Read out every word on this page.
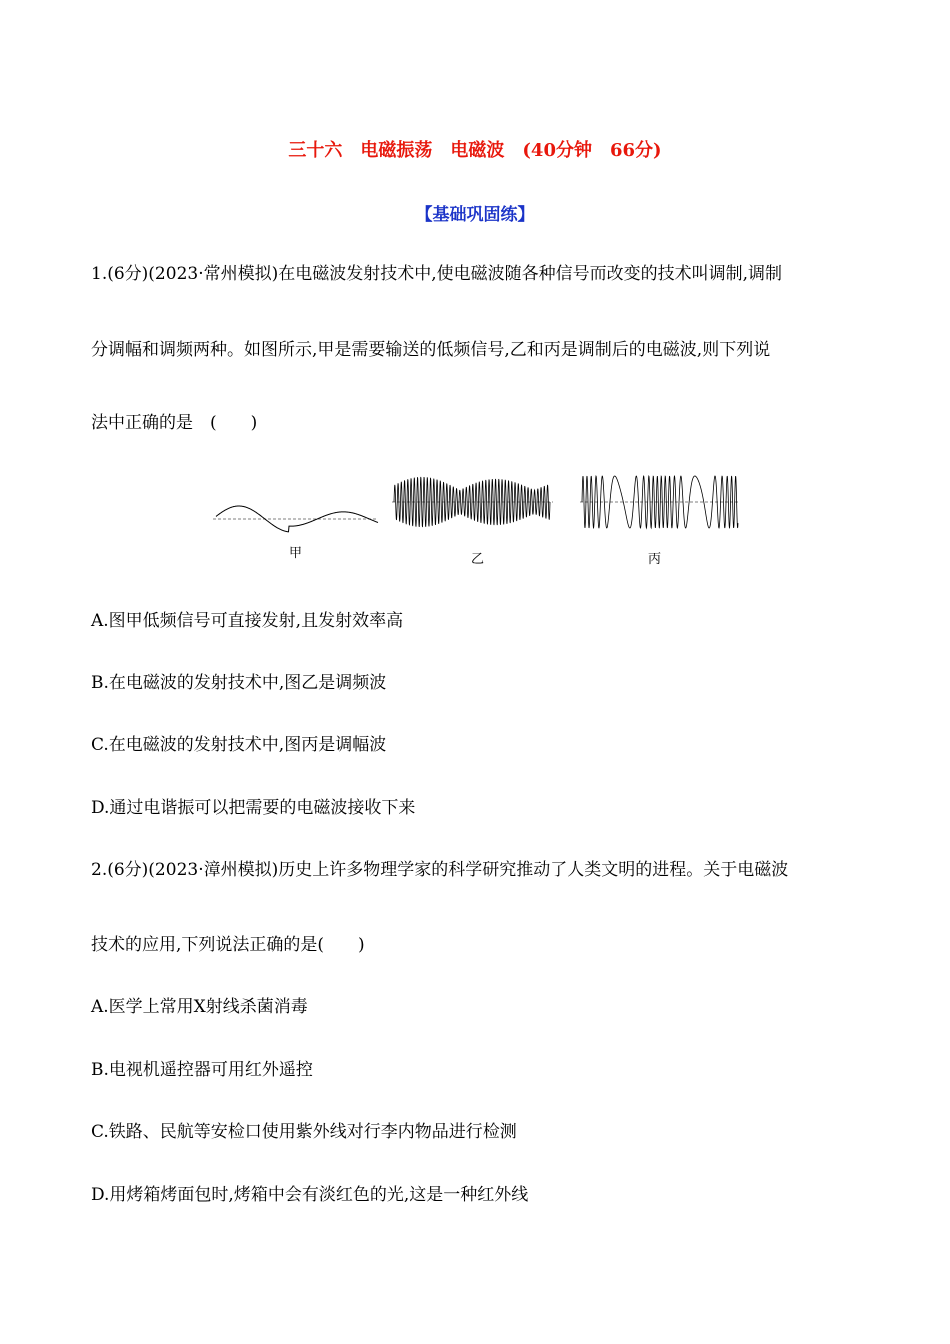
三十六　电磁振荡　电磁波　(40分钟　66分)
【基础巩固练】
1.(6分)(2023·常州模拟)在电磁波发射技术中,使电磁波随各种信号而改变的技术叫调制,调制
分调幅和调频两种。如图所示,甲是需要输送的低频信号,乙和丙是调制后的电磁波,则下列说
法中正确的是　(　　)
甲	乙	丙
A.图甲低频信号可直接发射,且发射效率高
B.在电磁波的发射技术中,图乙是调频波
C.在电磁波的发射技术中,图丙是调幅波
D.通过电谐振可以把需要的电磁波接收下来
2.(6分)(2023·漳州模拟)历史上许多物理学家的科学研究推动了人类文明的进程。关于电磁波
技术的应用,下列说法正确的是(　　)
A.医学上常用X射线杀菌消毒
B.电视机遥控器可用红外遥控
C.铁路、民航等安检口使用紫外线对行李内物品进行检测
D.用烤箱烤面包时,烤箱中会有淡红色的光,这是一种红外线
